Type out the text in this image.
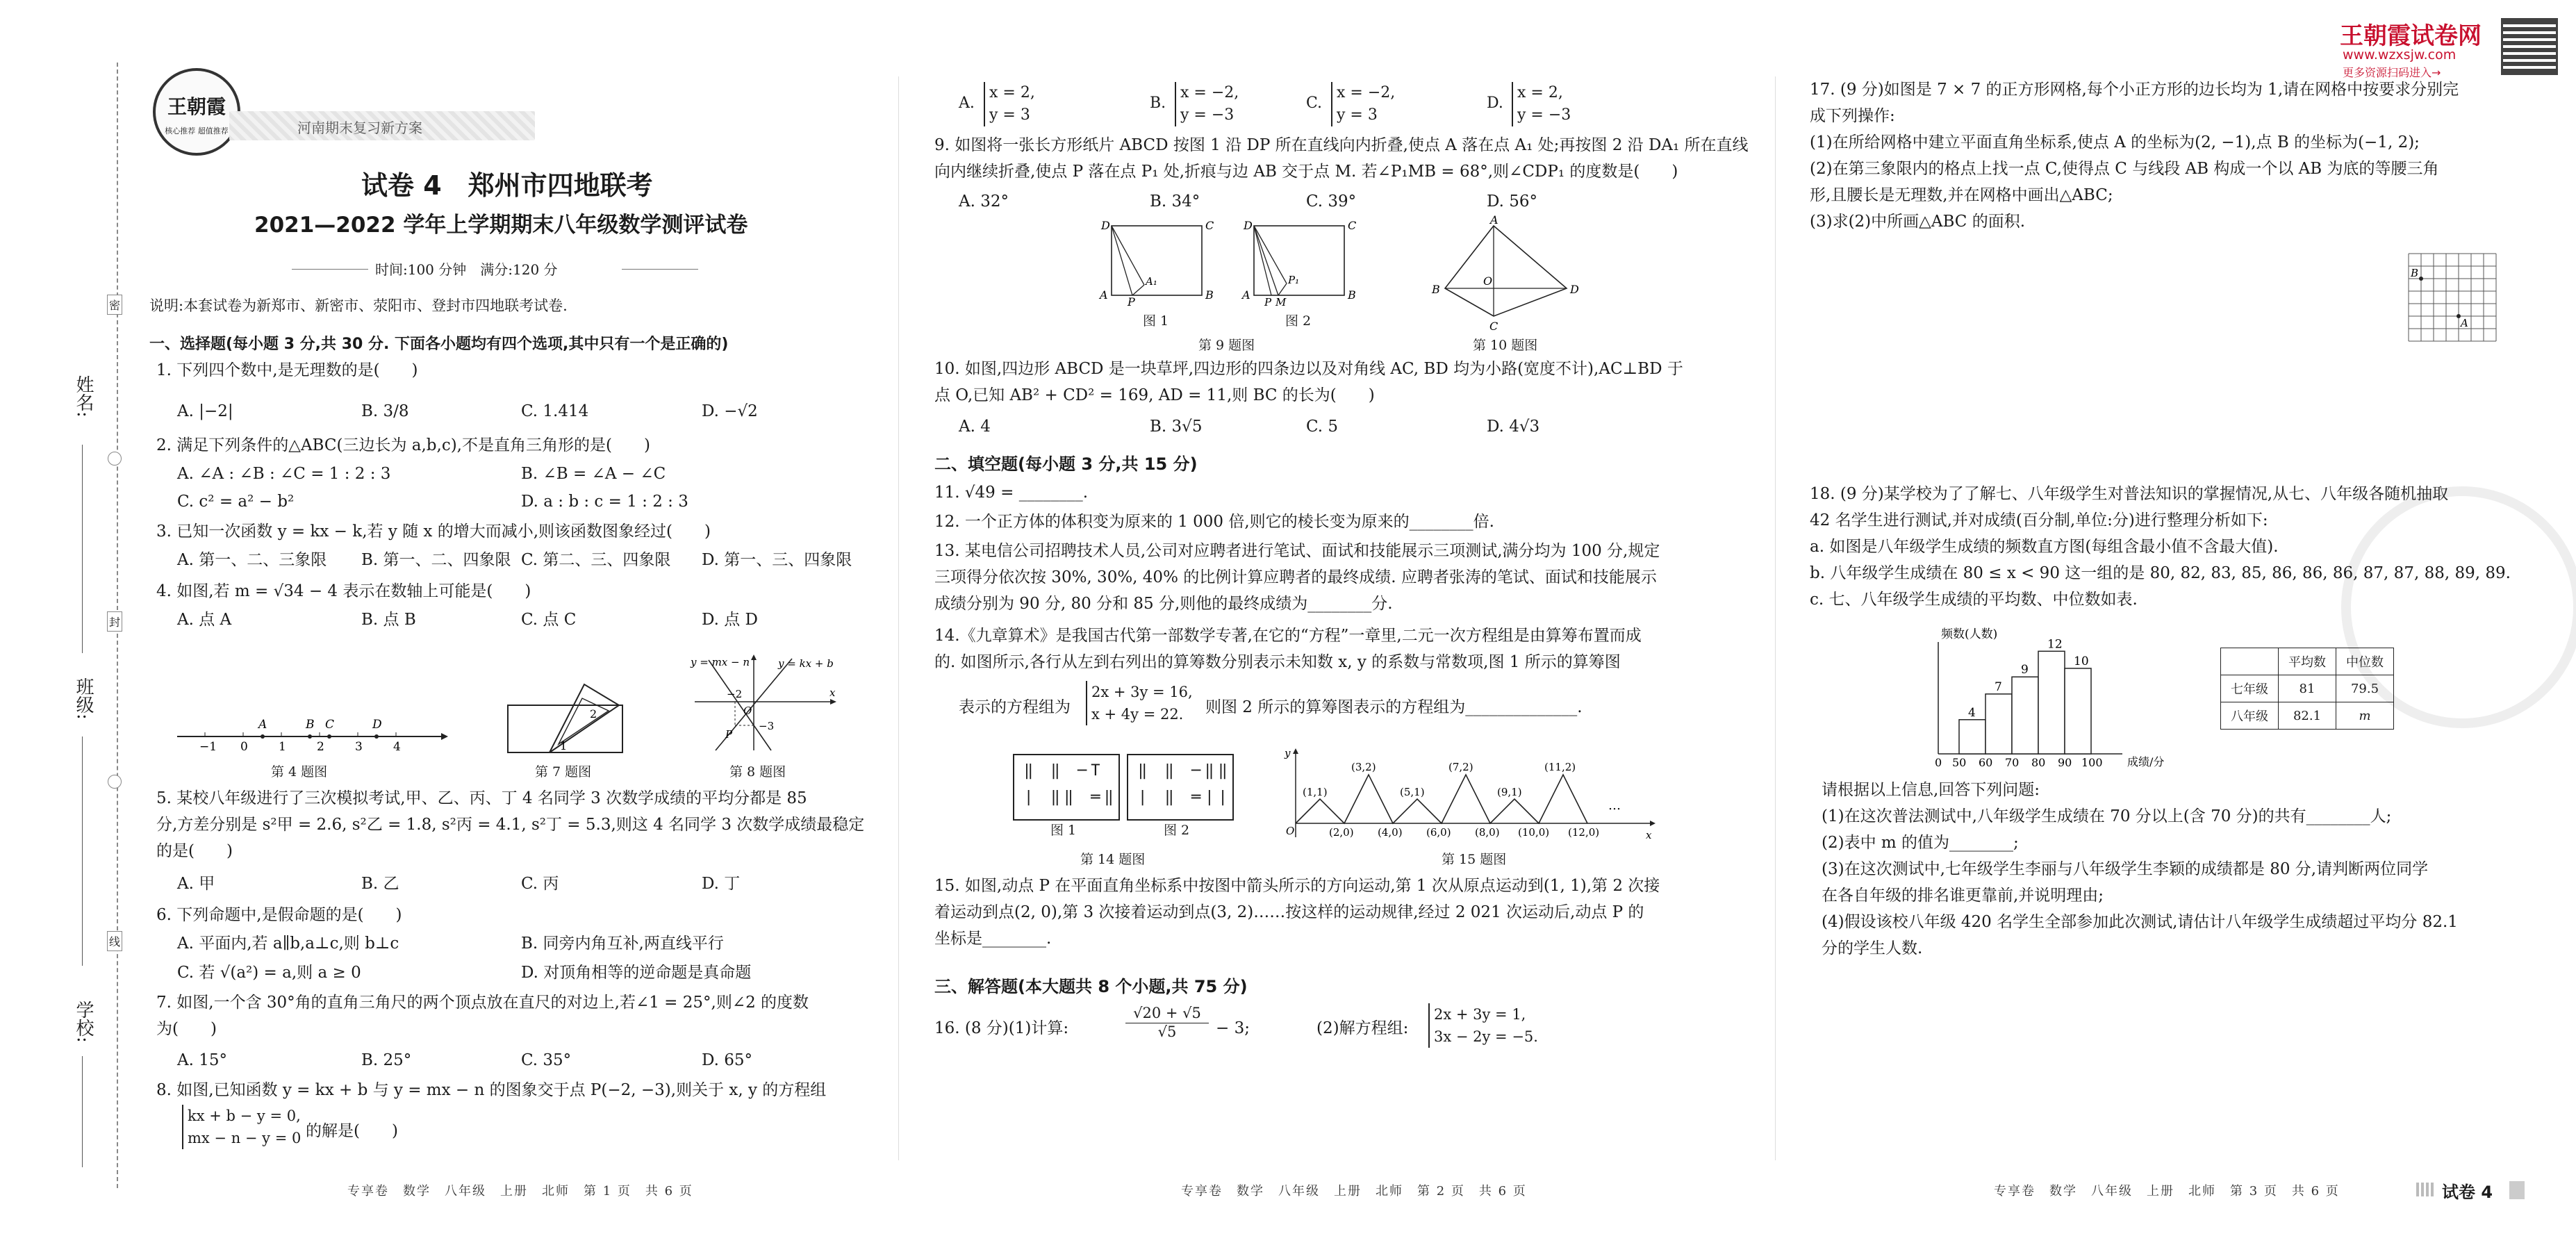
姓名:
班级:
学校:
密
封
线
王朝霞
核心推荐 超值推荐	河南期末复习新方案
试卷 4　郑州市四地联考
2021—2022 学年上学期期末八年级数学测评试卷
时间:100 分钟　满分:120 分
说明:本套试卷为新郑市、新密市、荥阳市、登封市四地联考试卷.
一、选择题(每小题 3 分,共 30 分. 下面各小题均有四个选项,其中只有一个是正确的)
1. 下列四个数中,是无理数的是(　　)
A. |−2|	B. 3/8	C. 1.414	D. −√2
2. 满足下列条件的△ABC(三边长为 a,b,c),不是直角三角形的是(　　)
A. ∠A : ∠B : ∠C = 1 : 2 : 3	B. ∠B = ∠A − ∠C
C. c² = a² − b²	D. a : b : c = 1 : 2 : 3
3. 已知一次函数 y = kx − k,若 y 随 x 的增大而减小,则该函数图象经过(　　)
A. 第一、二、三象限 B. 第一、二、四象限 C. 第二、三、四象限 D. 第一、三、四象限
4. 如图,若 m = √34 − 4 表示在数轴上可能是(　　)
A. 点 A	B. 点 B	C. 点 C	D. 点 D
−1 0	1	2	3	4
A	B C	D
第 4 题图
1
2
第 7 题图
y = mx − n	y = kx + b
x
O
P
−2
−3
第 8 题图
5. 某校八年级进行了三次模拟考试,甲、乙、丙、丁 4 名同学 3 次数学成绩的平均分都是 85
分,方差分别是 s²甲 = 2.6, s²乙 = 1.8, s²丙 = 4.1, s²丁 = 5.3,则这 4 名同学 3 次数学成绩最稳定
的是(　　)
A. 甲	B. 乙	C. 丙	D. 丁
6. 下列命题中,是假命题的是(　　)
A. 平面内,若 a∥b,a⊥c,则 b⊥c	B. 同旁内角互补,两直线平行
C. 若 √(a²) = a,则 a ≥ 0	D. 对顶角相等的逆命题是真命题
7. 如图,一个含 30°角的直角三角尺的两个顶点放在直尺的对边上,若∠1 = 25°,则∠2 的度数
为(　　)
A. 15°	B. 25°	C. 35°	D. 65°
8. 如图,已知函数 y = kx + b 与 y = mx − n 的图象交于点 P(−2, −3),则关于 x, y 的方程组
kx + b − y = 0,
mx − n − y = 0 的解是(　　)
专享卷　数学　八年级　上册　北师　第 1 页　共 6 页
A.
x = 2,
y = 3
B.
x = −2,
y = −3
C.
x = −2,
y = 3
D.
x = 2,
y = −3
9. 如图将一张长方形纸片 ABCD 按图 1 沿 DP 所在直线向内折叠,使点 A 落在点 A₁ 处;再按图 2 沿 DA₁ 所在直线
向内继续折叠,使点 P 落在点 P₁ 处,折痕与边 AB 交于点 M. 若∠P₁MB = 68°,则∠CDP₁ 的度数是(　　)
A. 32°	B. 34°	C. 39°	D. 56°
D	C
A	B
P
A₁
图 1
D	C
A	B
P M
P₁
图 2
第 9 题图
A
B
O
C
D
第 10 题图
10. 如图,四边形 ABCD 是一块草坪,四边形的四条边以及对角线 AC, BD 均为小路(宽度不计),AC⊥BD 于
点 O,已知 AB² + CD² = 169, AD = 11,则 BC 的长为(　　)
A. 4	B. 3√5	C. 5	D. 4√3
二、填空题(每小题 3 分,共 15 分)
11. √49 = ________.
12. 一个正方体的体积变为原来的 1 000 倍,则它的棱长变为原来的________倍.
13. 某电信公司招聘技术人员,公司对应聘者进行笔试、面试和技能展示三项测试,满分均为 100 分,规定
三项得分依次按 30%, 30%, 40% 的比例计算应聘者的最终成绩. 应聘者张涛的笔试、面试和技能展示
成绩分别为 90 分, 80 分和 85 分,则他的最终成绩为________分.
14.《九章算术》是我国古代第一部数学专著,在它的“方程”一章里,二元一次方程组是由算筹布置而成
的. 如图所示,各行从左到右列出的算筹数分别表示未知数 x, y 的系数与常数项,图 1 所示的算筹图
表示的方程组为
2x + 3y = 16,
x + 4y = 22.	则图 2 所示的算筹图表示的方程组为______________.
‖ ‖ ─T
| ‖‖ ═‖
图 1
‖ ‖ ─‖‖
| ‖ ═||
图 2
第 14 题图
y
x
O
(1,1)
(3,2)
(5,1)
(7,2)
(9,1)
(11,2)
(2,0) (4,0) (6,0) (8,0) (10,0) (12,0)
…
第 15 题图
15. 如图,动点 P 在平面直角坐标系中按图中箭头所示的方向运动,第 1 次从原点运动到(1, 1),第 2 次接
着运动到点(2, 0),第 3 次接着运动到点(3, 2)……按这样的运动规律,经过 2 021 次运动后,动点 P 的
坐标是________.
三、解答题(本大题共 8 个小题,共 75 分)
16. (8 分)(1)计算:	$\frac{√20 + √5}{√5} - 3$;	(2)解方程组:
2x + 3y = 1,
3x − 2y = −5.
专享卷　数学　八年级　上册　北师　第 2 页　共 6 页
王朝霞试卷网
www.wzxsjw.com
更多资源扫码进入→
17. (9 分)如图是 7 × 7 的正方形网格,每个小正方形的边长均为 1,请在网格中按要求分别完
成下列操作:
(1)在所给网格中建立平面直角坐标系,使点 A 的坐标为(2, −1),点 B 的坐标为(−1, 2);
(2)在第三象限内的格点上找一点 C,使得点 C 与线段 AB 构成一个以 AB 为底的等腰三角
形,且腰长是无理数,并在网格中画出△ABC;
(3)求(2)中所画△ABC 的面积.
B
A
18. (9 分)某学校为了了解七、八年级学生对普法知识的掌握情况,从七、八年级各随机抽取
42 名学生进行测试,并对成绩(百分制,单位:分)进行整理分析如下:
a. 如图是八年级学生成绩的频数直方图(每组含最小值不含最大值).
b. 八年级学生成绩在 80 ≤ x < 90 这一组的是 80, 82, 83, 85, 86, 86, 86, 87, 87, 88, 89, 89.
c. 七、八年级学生成绩的平均数、中位数如表.
频数(人数)
成绩/分
4
7
9
12
10
0 50 60 70 80 90 100
	平均数	中位数
七年级	81	79.5
八年级	82.1	m
请根据以上信息,回答下列问题:
(1)在这次普法测试中,八年级学生成绩在 70 分以上(含 70 分)的共有________人;
(2)表中 m 的值为________;
(3)在这次测试中,七年级学生李丽与八年级学生李颖的成绩都是 80 分,请判断两位同学
在各自年级的排名谁更靠前,并说明理由;
(4)假设该校八年级 420 名学生全部参加此次测试,请估计八年级学生成绩超过平均分 82.1
分的学生人数.
专享卷　数学　八年级　上册　北师　第 3 页　共 6 页	试卷 4
